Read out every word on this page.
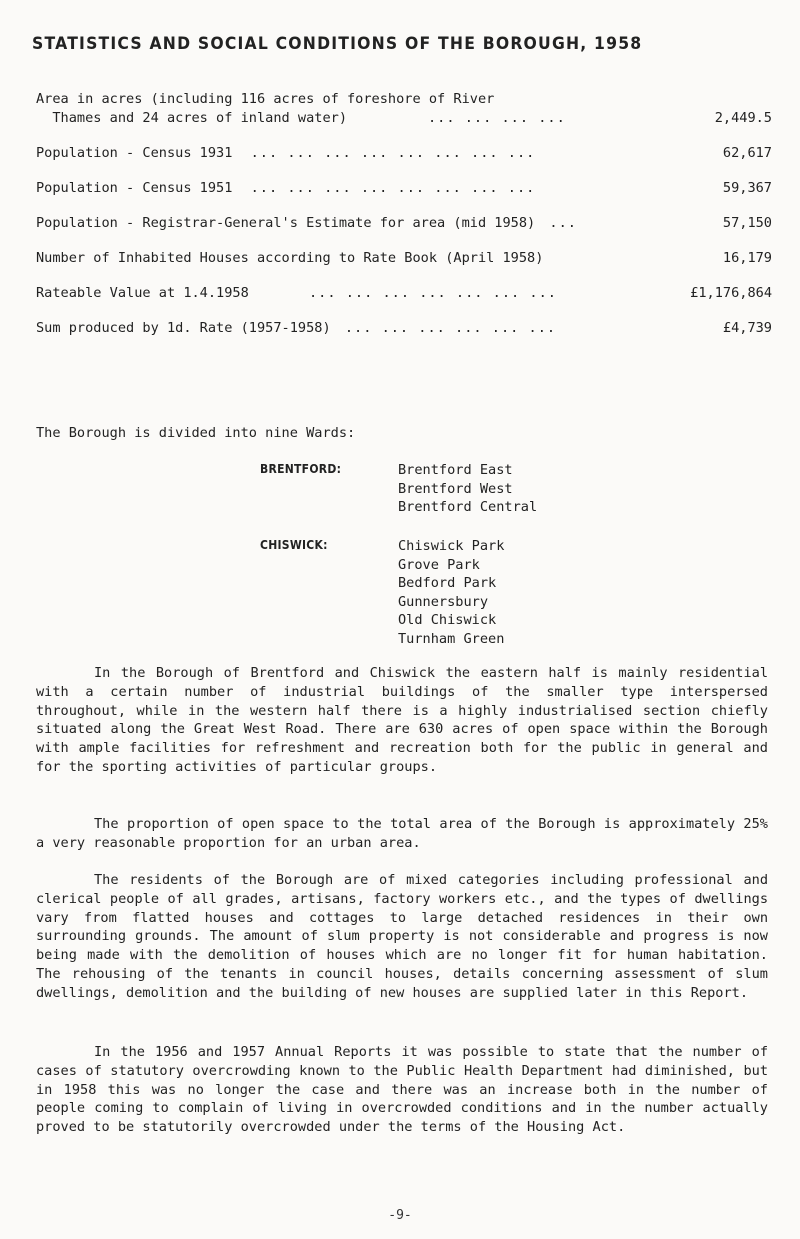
STATISTICS AND SOCIAL CONDITIONS OF THE BOROUGH, 1958
Area in acres (including 116 acres of foreshore of River
Thames and 24 acres of inland water)	... ... ... ...	2,449.5
Population - Census 1931 ... ... ... ... ... ... ... ...	62,617
Population - Census 1951 ... ... ... ... ... ... ... ...	59,367
Population - Registrar-General's Estimate for area (mid 1958) ...	57,150
Number of Inhabited Houses according to Rate Book (April 1958)	16,179
Rateable Value at 1.4.1958	... ... ... ... ... ... ...	£1,176,864
Sum produced by 1d. Rate (1957-1958) ... ... ... ... ... ...	£4,739
The Borough is divided into nine Wards:
BRENTFORD:	Brentford East
Brentford West
Brentford Central
CHISWICK:	Chiswick Park
Grove Park
Bedford Park
Gunnersbury
Old Chiswick
Turnham Green
In the Borough of Brentford and Chiswick the eastern half is mainly residential with a certain number of industrial buildings of the smaller type interspersed throughout, while in the western half there is a highly industrialised section chiefly situated along the Great West Road. There are 630 acres of open space within the Borough with ample facilities for refreshment and recreation both for the public in general and for the sporting activities of particular groups.
The proportion of open space to the total area of the Borough is approximately 25% a very reasonable proportion for an urban area.
The residents of the Borough are of mixed categories including professional and clerical people of all grades, artisans, factory workers etc., and the types of dwellings vary from flatted houses and cottages to large detached residences in their own surrounding grounds. The amount of slum property is not considerable and progress is now being made with the demolition of houses which are no longer fit for human habitation. The rehousing of the tenants in council houses, details concerning assessment of slum dwellings, demolition and the building of new houses are supplied later in this Report.
In the 1956 and 1957 Annual Reports it was possible to state that the number of cases of statutory overcrowding known to the Public Health Department had diminished, but in 1958 this was no longer the case and there was an increase both in the number of people coming to complain of living in overcrowded conditions and in the number actually proved to be statutorily overcrowded under the terms of the Housing Act.
-9-
